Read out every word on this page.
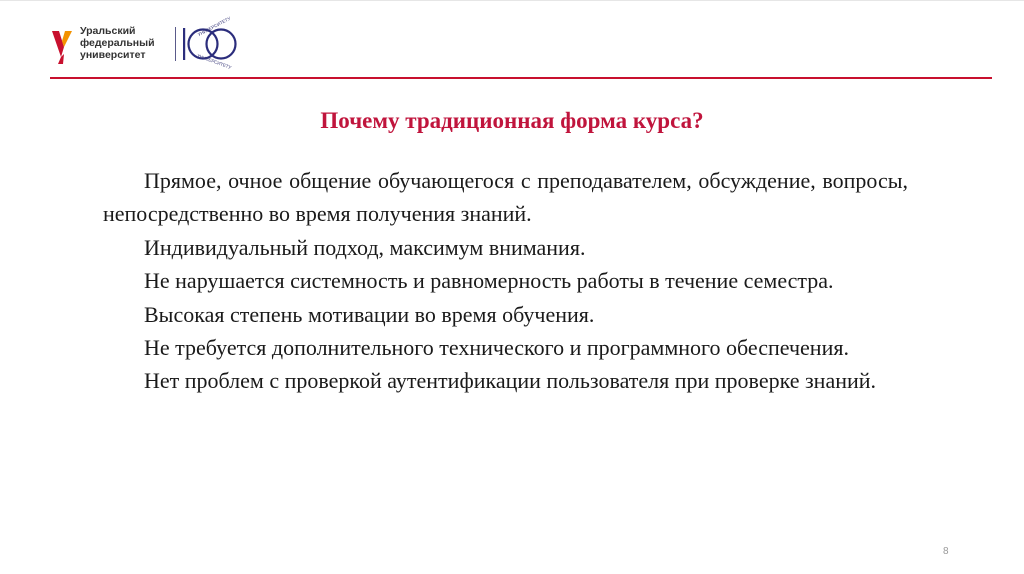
Уральский
федеральный
университет
УНИВЕРСИТЕТУ
УНИВЕРСИТЕТУ
Почему традиционная форма курса?

Прямое, очное общение обучающегося с преподавателем, обсуждение, вопросы, непосредственно во время получения знаний.

Индивидуальный подход, максимум внимания.

Не нарушается системность и равномерность работы в течение семестра.

Высокая степень мотивации во время обучения.

Не требуется дополнительного технического и программного обеспечения.

Нет проблем с проверкой аутентификации пользователя при проверке знаний.

8
